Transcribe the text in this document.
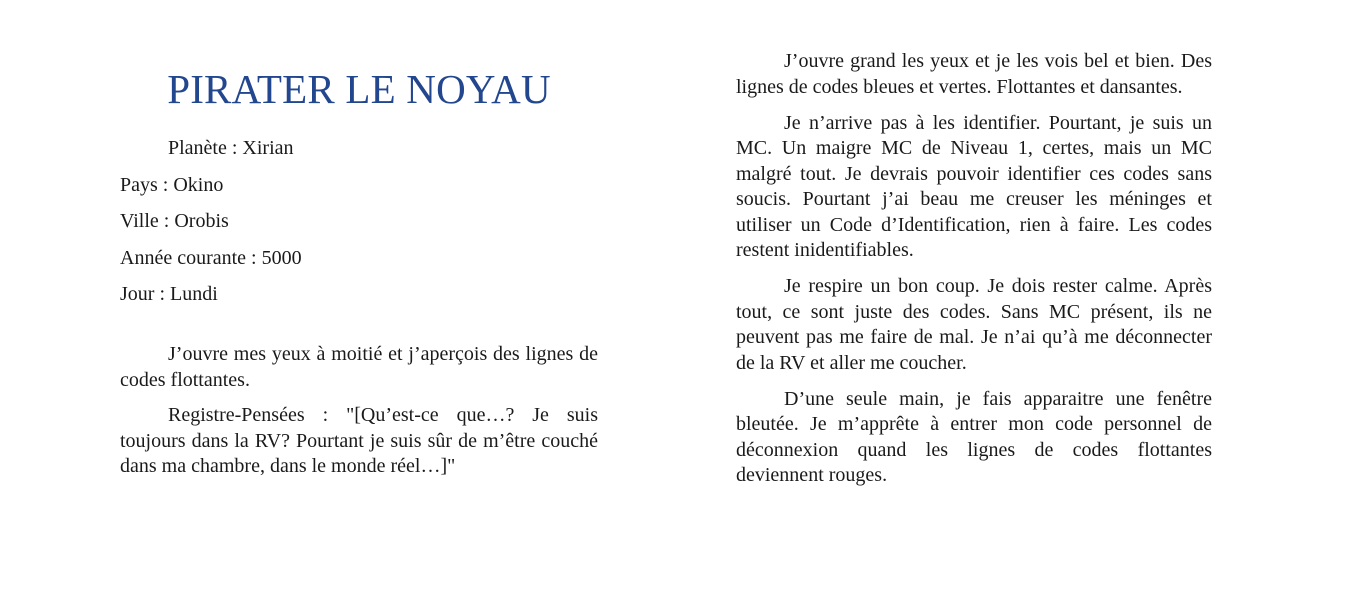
PIRATER LE NOYAU
Planète : Xirian
Pays : Okino
Ville : Orobis
Année courante : 5000
Jour : Lundi

J’ouvre mes yeux à moitié et j’aperçois des lignes de codes flottantes.

Registre-Pensées : "[Qu’est-ce que…? Je suis toujours dans la RV? Pourtant je suis sûr de m’être couché dans ma chambre, dans le monde réel…]"

J’ouvre grand les yeux et je les vois bel et bien. Des lignes de codes bleues et vertes. Flottantes et dansantes.

Je n’arrive pas à les identifier. Pourtant, je suis un MC. Un maigre MC de Niveau 1, certes, mais un MC malgré tout. Je devrais pouvoir identifier ces codes sans soucis. Pourtant j’ai beau me creuser les méninges et utiliser un Code d’Identification, rien à faire. Les codes restent inidentifiables.

Je respire un bon coup. Je dois rester calme. Après tout, ce sont juste des codes. Sans MC présent, ils ne peuvent pas me faire de mal. Je n’ai qu’à me déconnecter de la RV et aller me coucher.

D’une seule main, je fais apparaitre une fenêtre bleutée. Je m’apprête à entrer mon code personnel de déconnexion quand les lignes de codes flottantes deviennent rouges.
